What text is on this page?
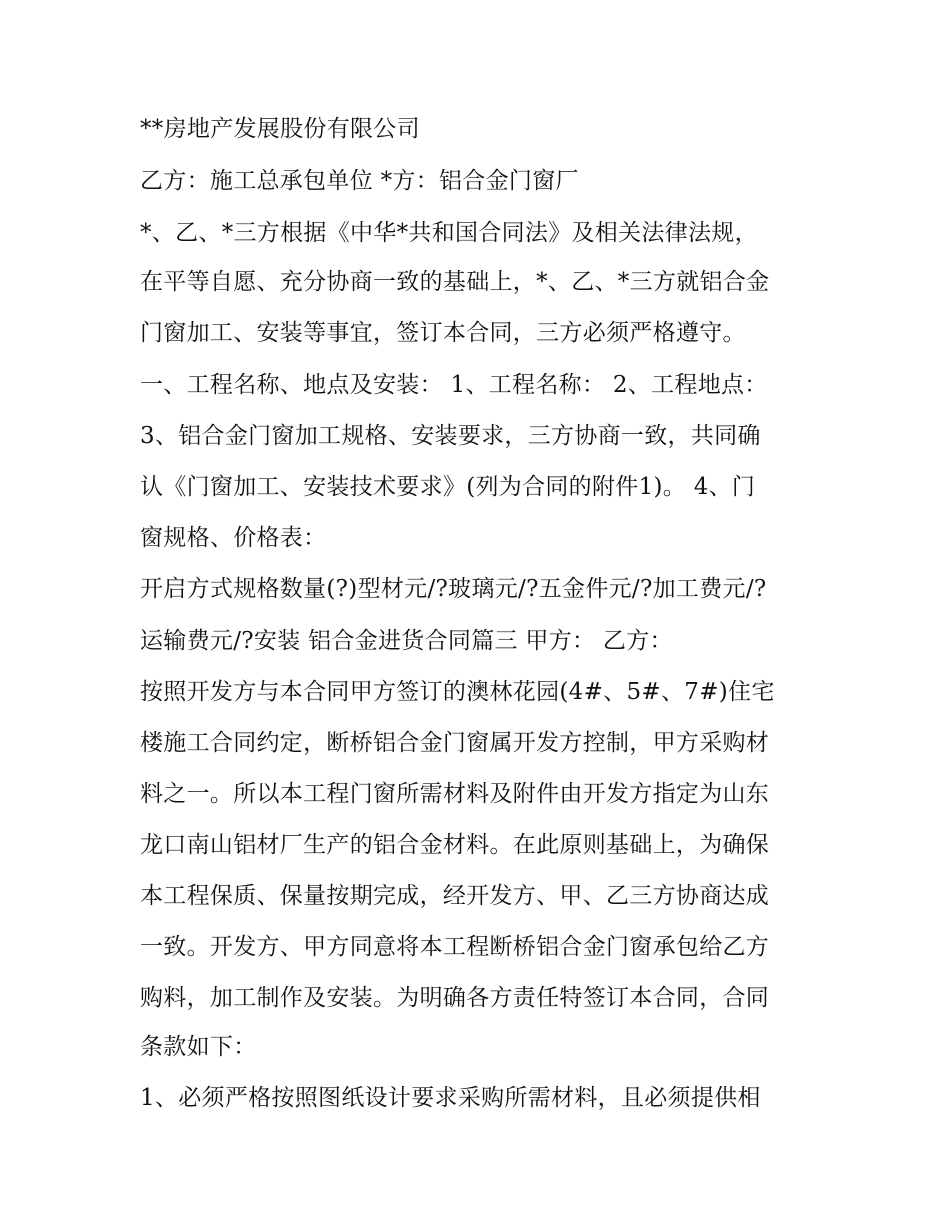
**房地产发展股份有限公司
乙方：施工总承包单位 *方：铝合金门窗厂
*、乙、*三方根据《中华*共和国合同法》及相关法律法规，
在平等自愿、充分协商一致的基础上，*、乙、*三方就铝合金
门窗加工、安装等事宜，签订本合同，三方必须严格遵守。
一、工程名称、地点及安装： 1、工程名称： 2、工程地点：
3、铝合金门窗加工规格、安装要求，三方协商一致，共同确
认《门窗加工、安装技术要求》(列为合同的附件1)。 4、门
窗规格、价格表：
开启方式规格数量(?)型材元/?玻璃元/?五金件元/?加工费元/?
运输费元/?安装 铝合金进货合同篇三 甲方： 乙方：
按照开发方与本合同甲方签订的澳林花园(4#、5#、7#)住宅
楼施工合同约定，断桥铝合金门窗属开发方控制，甲方采购材
料之一。所以本工程门窗所需材料及附件由开发方指定为山东
龙口南山铝材厂生产的铝合金材料。在此原则基础上，为确保
本工程保质、保量按期完成，经开发方、甲、乙三方协商达成
一致。开发方、甲方同意将本工程断桥铝合金门窗承包给乙方
购料，加工制作及安装。为明确各方责任特签订本合同，合同
条款如下：
1、必须严格按照图纸设计要求采购所需材料，且必须提供相
